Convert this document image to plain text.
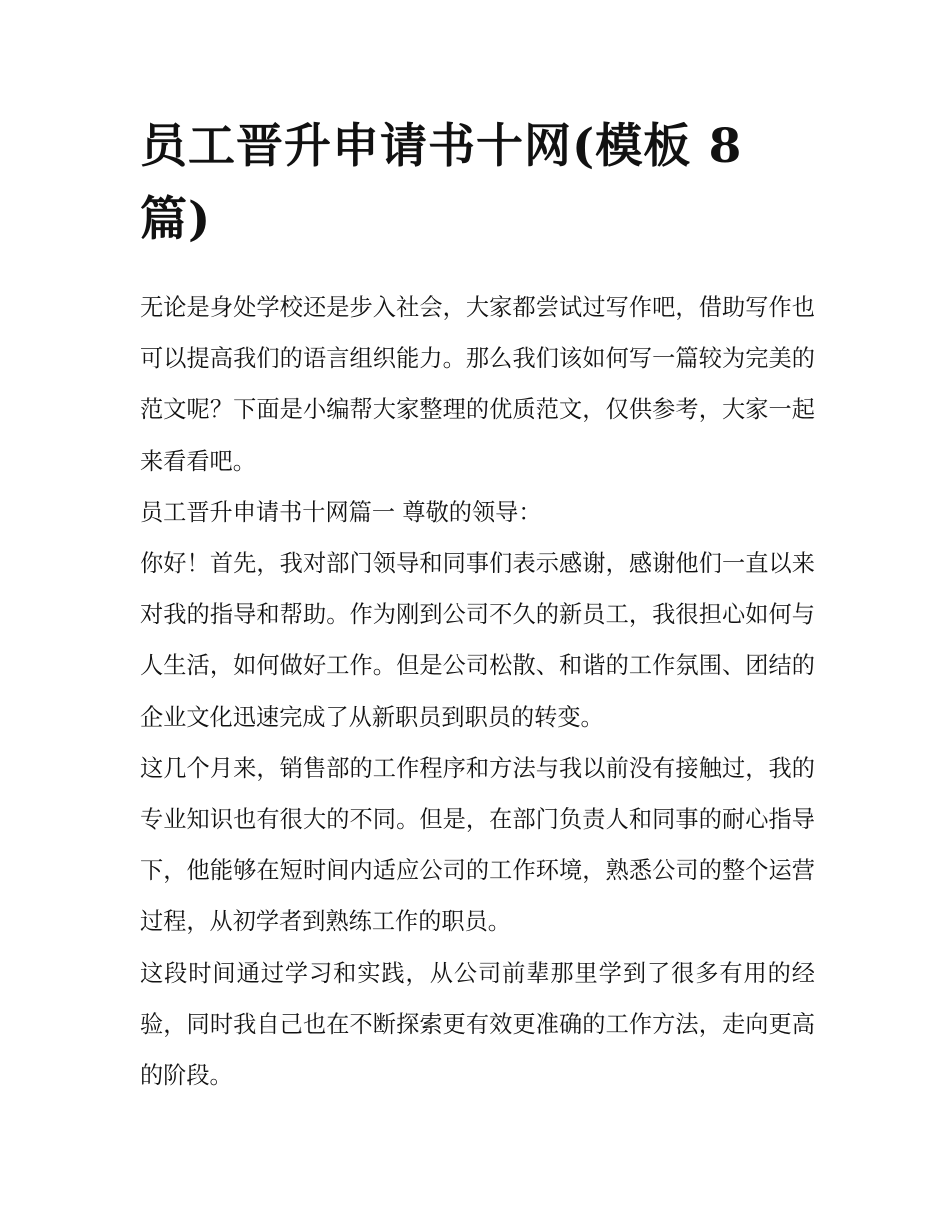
员工晋升申请书十网(模板 8 篇)

无论是身处学校还是步入社会，大家都尝试过写作吧，借助写作也可以提高我们的语言组织能力。那么我们该如何写一篇较为完美的范文呢？下面是小编帮大家整理的优质范文，仅供参考，大家一起来看看吧。

员工晋升申请书十网篇一 尊敬的领导：

你好！首先，我对部门领导和同事们表示感谢，感谢他们一直以来对我的指导和帮助。作为刚到公司不久的新员工，我很担心如何与人生活，如何做好工作。但是公司松散、和谐的工作氛围、团结的企业文化迅速完成了从新职员到职员的转变。

这几个月来，销售部的工作程序和方法与我以前没有接触过，我的专业知识也有很大的不同。但是，在部门负责人和同事的耐心指导下，他能够在短时间内适应公司的工作环境，熟悉公司的整个运营过程，从初学者到熟练工作的职员。

这段时间通过学习和实践，从公司前辈那里学到了很多有用的经验，同时我自己也在不断探索更有效更准确的工作方法，走向更高的阶段。
